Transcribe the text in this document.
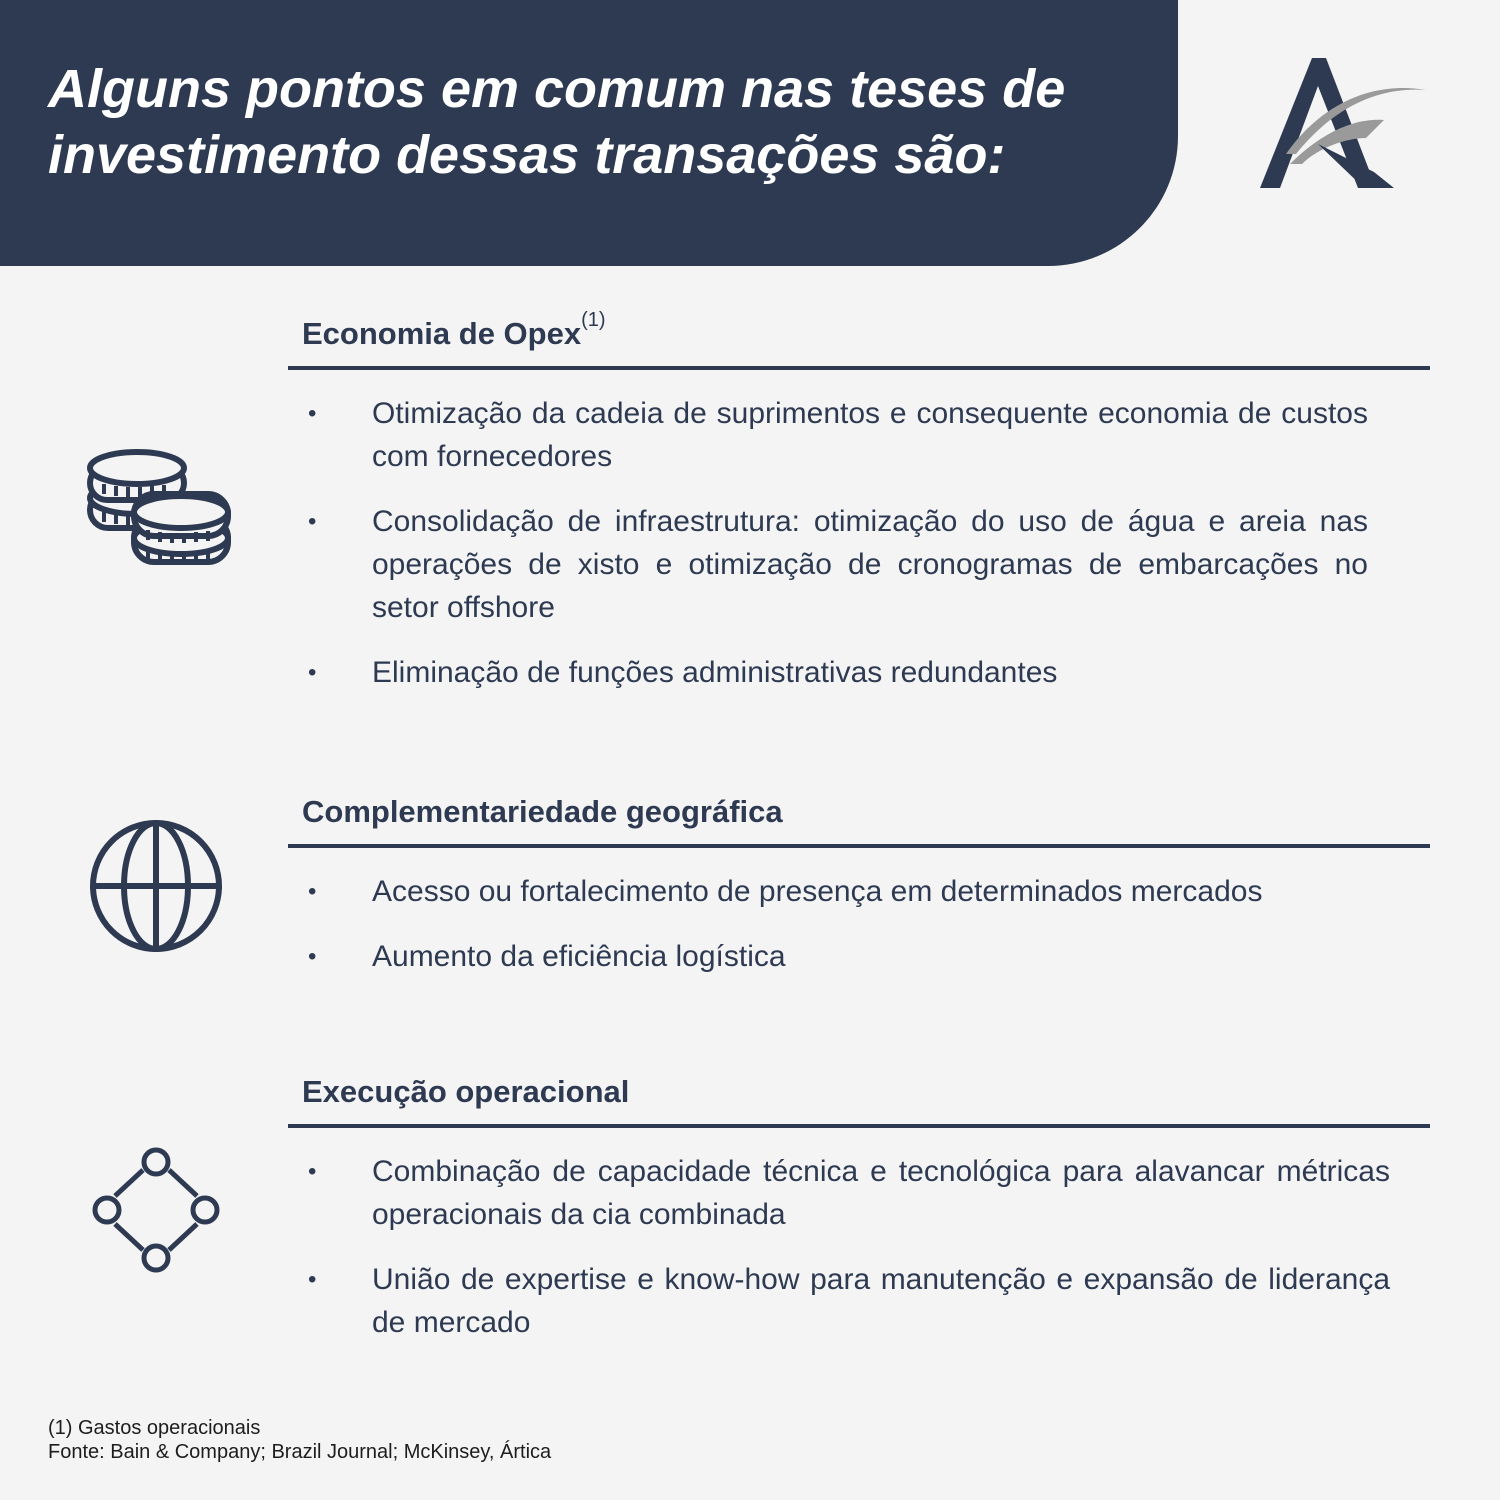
Alguns pontos em comum nas teses de
investimento dessas transações são:
Economia de Opex$^{(1)}$
• Otimização da cadeia de suprimentos e consequente economia de custos com fornecedores
• Consolidação de infraestrutura: otimização do uso de água e areia nas operações de xisto e otimização de cronogramas de embarcações no setor offshore
• Eliminação de funções administrativas redundantes
Complementariedade geográfica
• Acesso ou fortalecimento de presença em determinados mercados
• Aumento da eficiência logística
Execução operacional
• Combinação de capacidade técnica e tecnológica para alavancar métricas operacionais da cia combinada
• União de expertise e know-how para manutenção e expansão de liderança de mercado
(1) Gastos operacionais
Fonte: Bain & Company; Brazil Journal; McKinsey, Ártica
